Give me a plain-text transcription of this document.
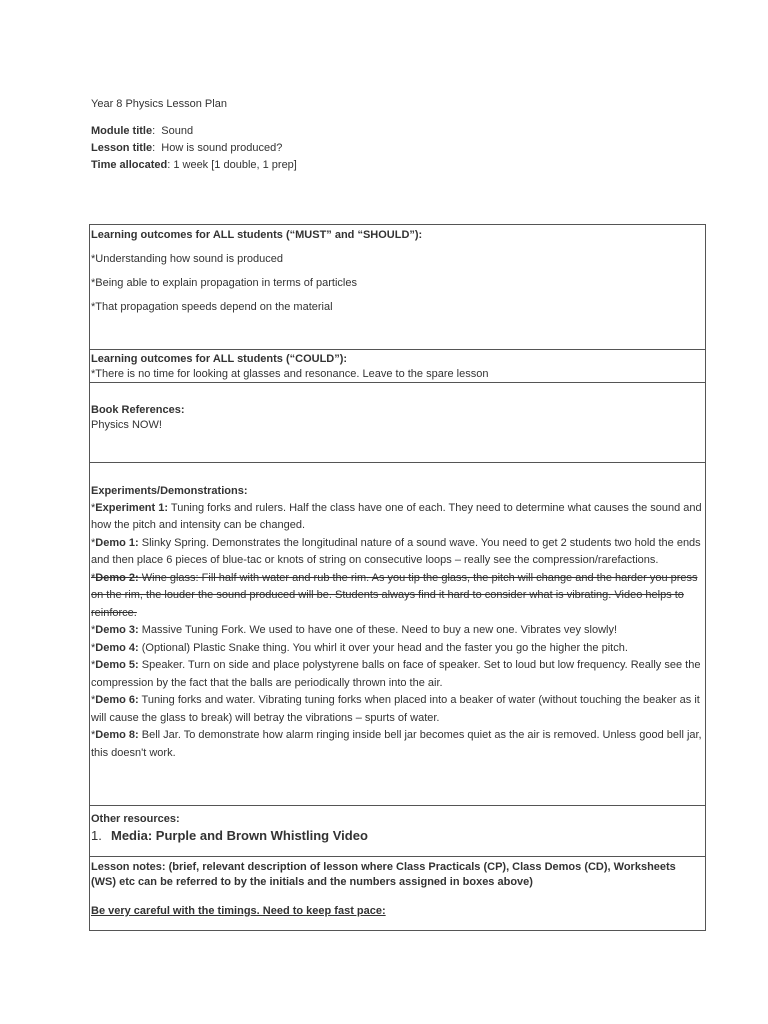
Year 8 Physics Lesson Plan

Module title:  Sound

Lesson title:  How is sound produced?

Time allocated: 1 week [1 double, 1 prep]

Learning outcomes for ALL students (“MUST” and “SHOULD”):

*Understanding how sound is produced

*Being able to explain propagation in terms of particles

*That propagation speeds depend on the material

Learning outcomes for ALL students (“COULD”):

*There is no time for looking at glasses and resonance. Leave to the spare lesson

Book References:

Physics NOW!

Experiments/Demonstrations:

*Experiment 1: Tuning forks and rulers. Half the class have one of each. They need to determine what causes the sound and how the pitch and intensity can be changed.

*Demo 1: Slinky Spring. Demonstrates the longitudinal nature of a sound wave. You need to get 2 students two hold the ends and then place 6 pieces of blue-tac or knots of string on consecutive loops – really see the compression/rarefactions.

*Demo 2: Wine glass: Fill half with water and rub the rim. As you tip the glass, the pitch will change and the harder you press on the rim, the louder the sound produced will be. Students always find it hard to consider what is vibrating. Video helps to reinforce.

*Demo 3: Massive Tuning Fork. We used to have one of these. Need to buy a new one. Vibrates vey slowly!

*Demo 4: (Optional) Plastic Snake thing. You whirl it over your head and the faster you go the higher the pitch.

*Demo 5: Speaker. Turn on side and place polystyrene balls on face of speaker. Set to loud but low frequency. Really see the compression by the fact that the balls are periodically thrown into the air.

*Demo 6: Tuning forks and water. Vibrating tuning forks when placed into a beaker of water (without touching the beaker as it will cause the glass to break) will betray the vibrations – spurts of water.

*Demo 8: Bell Jar. To demonstrate how alarm ringing inside bell jar becomes quiet as the air is removed. Unless good bell jar, this doesn't work.

Other resources:

1. Media: Purple and Brown Whistling Video

Lesson notes: (brief, relevant description of lesson where Class Practicals (CP), Class Demos (CD), Worksheets (WS) etc can be referred to by the initials and the numbers assigned in boxes above)

Be very careful with the timings. Need to keep fast pace:
